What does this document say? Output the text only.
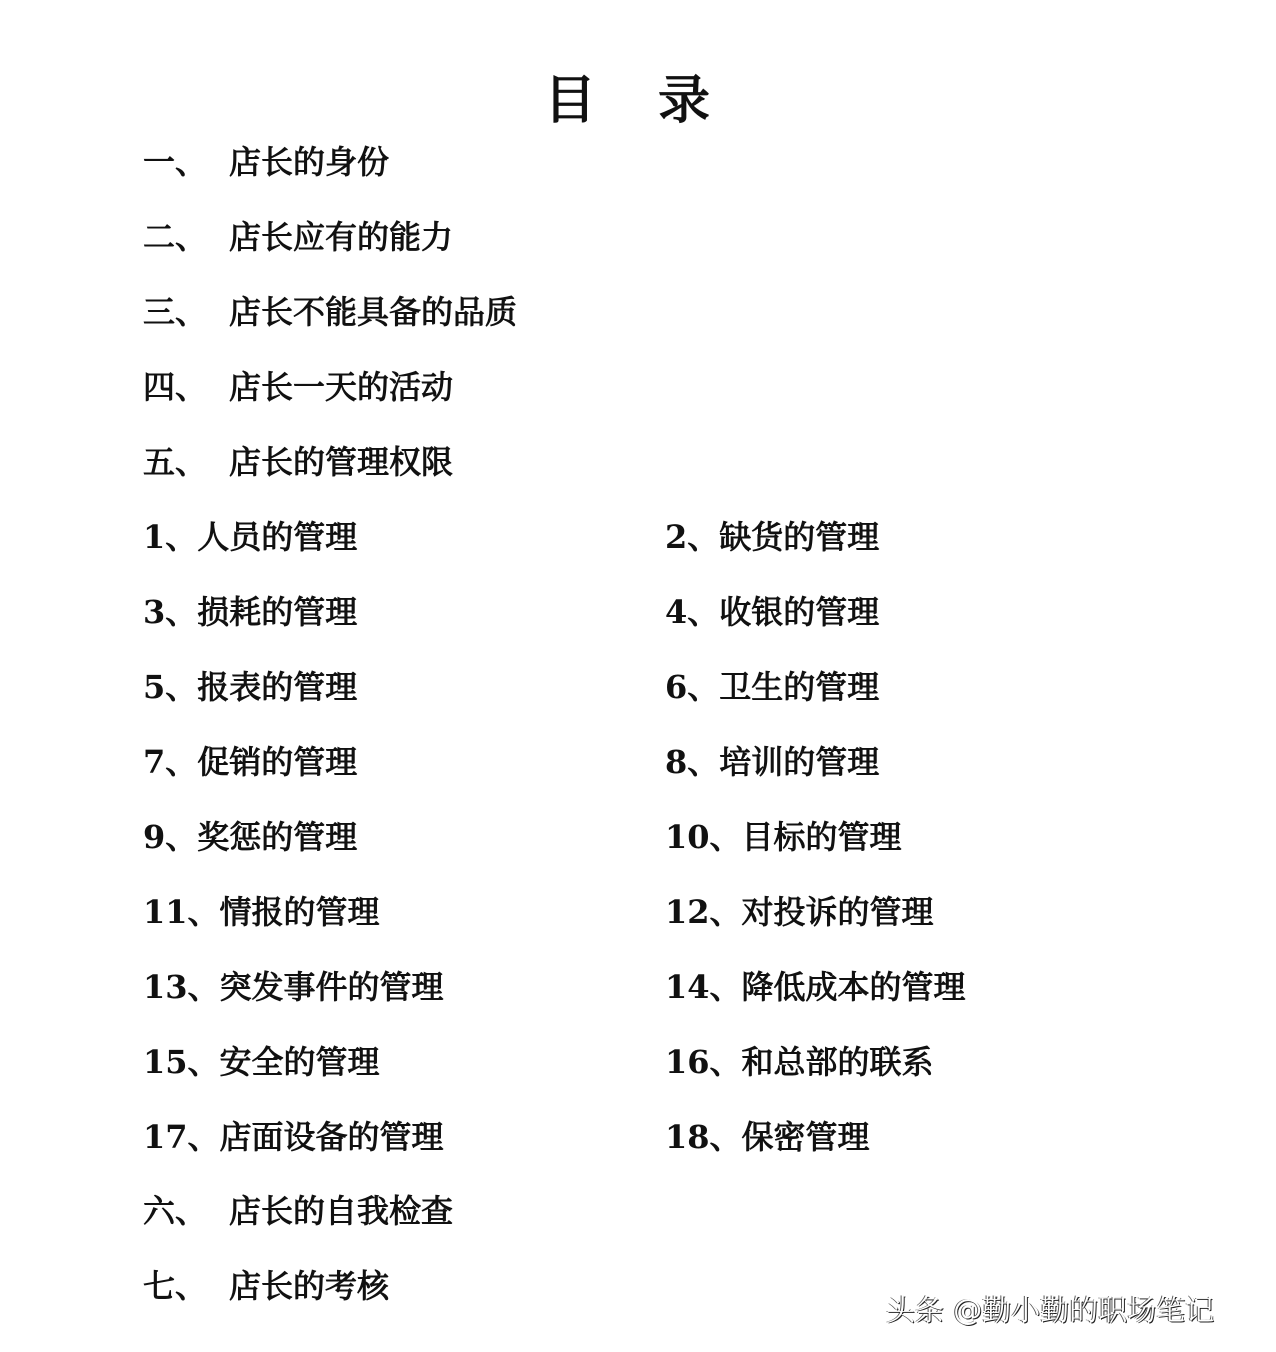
目 录
一、 店长的身份
二、 店长应有的能力
三、 店长不能具备的品质
四、 店长一天的活动
五、 店长的管理权限
1、人员的管理	2、缺货的管理
3、损耗的管理	4、收银的管理
5、报表的管理	6、卫生的管理
7、促销的管理	8、培训的管理
9、奖惩的管理	10、目标的管理
11、情报的管理	12、对投诉的管理
13、突发事件的管理	14、降低成本的管理
15、安全的管理	16、和总部的联系
17、店面设备的管理	18、保密管理
六、 店长的自我检查
七、 店长的考核
头条 @勤小勤的职场笔记
